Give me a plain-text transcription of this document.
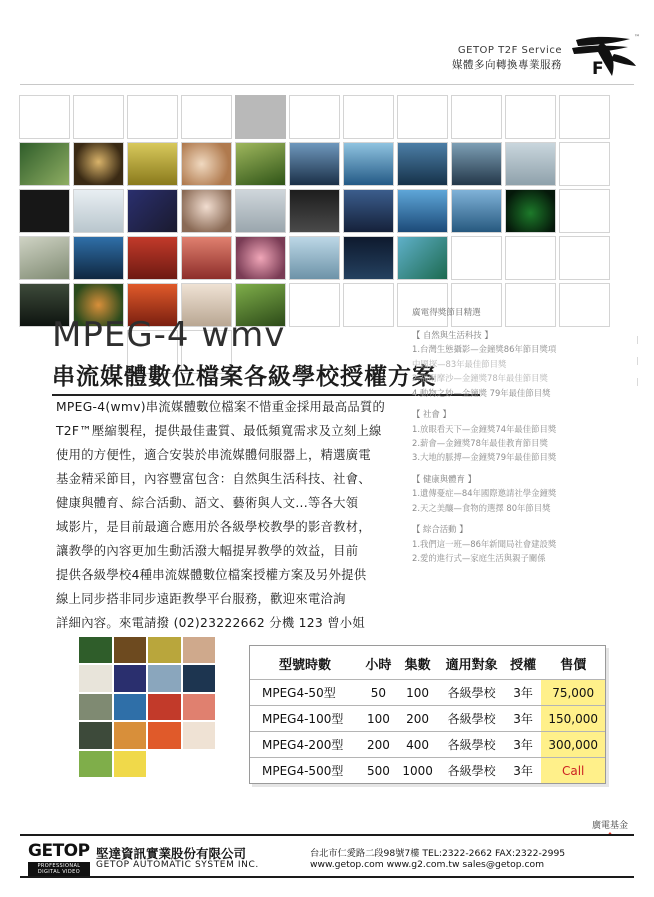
GETOP T2F Service
媒體多向轉換專業服務 F
™
MPEG-4 wmv
串流媒體數位檔案各級學校授權方案

MPEG-4(wmv)串流媒體數位檔案不惜重金採用最高品質的

T2F™壓縮製程，提供最佳畫質、最低頻寬需求及立刻上線

使用的方便性，適合安裝於串流媒體伺服器上，精選廣電

基金精采節目，內容豐富包含：自然與生活科技、社會、

健康與體育、綜合活動、語文、藝術與人文...等各大領

域影片，是目前最適合應用於各級學校教學的影音教材，

讓教學的內容更加生動活潑大幅提昇教學的效益，目前

提供各級學校4種串流媒體數位檔案授權方案及另外提供

線上同步搭非同步遠距教學平台服務，歡迎來電洽詢

詳細內容。來電請撥 (02)23222662 分機 123 曾小姐

廣電得獎節目精選
【 自然與生活科技 】
1.台灣生態攝影—金鐘獎86年節目獎項
中國探—83年最佳節目獎
2.福爾摩沙—金鐘獎78年最佳節目獎
4.動物之妙—金鐘獎 79年最佳節目獎
【 社會 】
1.放眼看天下—金鐘獎74年最佳節目獎
2.薪會—金鐘獎78年最佳教育節目獎
3.大地的脈搏—金鐘獎79年最佳節目獎
【 健康與體育 】
1.遺傳憂症—84年國際邀請社學金鐘獎
2.天之美釀—食物的選擇 80年節目獎
【 綜合活動 】
1.我們這一班—86年新聞局社會建設獎
2.愛的進行式—家庭生活與親子關係
|
|
|
型號時數	小時	集數	適用對象	授權	售價
MPEG4-50型	50	100	各級學校	3年	75,000
MPEG4-100型	100	200	各級學校	3年	150,000
MPEG4-200型	200	400	各級學校	3年	300,000
MPEG4-500型	500	1000	各級學校	3年	Call
廣電基金
GETOP
PROFESSIONAL DIGITAL VIDEO
堅達資訊實業股份有限公司
GETOP AUTOMATIC SYSTEM INC.
台北市仁愛路二段98號7樓 TEL:2322-2662 FAX:2322-2995
www.getop.com www.g2.com.tw sales@getop.com
